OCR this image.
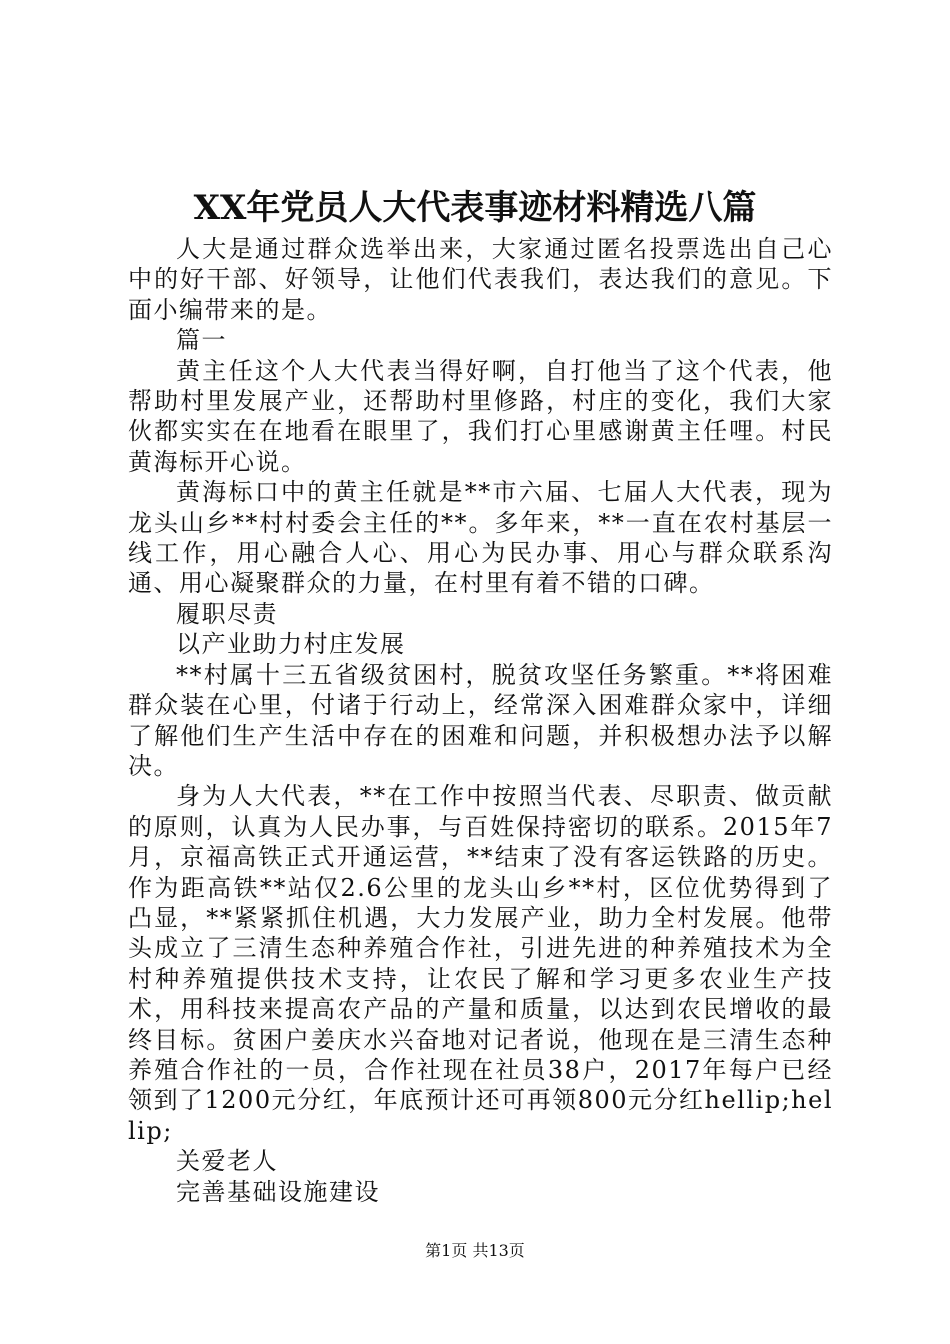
XX年党员人大代表事迹材料精选八篇

人大是通过群众选举出来，大家通过匿名投票选出自己心中的好干部、好领导，让他们代表我们，表达我们的意见。下面小编带来的是。

篇一

黄主任这个人大代表当得好啊，自打他当了这个代表，他帮助村里发展产业，还帮助村里修路，村庄的变化，我们大家伙都实实在在地看在眼里了，我们打心里感谢黄主任哩。村民黄海标开心说。

黄海标口中的黄主任就是**市六届、七届人大代表，现为龙头山乡**村村委会主任的**。多年来，**一直在农村基层一线工作，用心融合人心、用心为民办事、用心与群众联系沟通、用心凝聚群众的力量，在村里有着不错的口碑。

履职尽责

以产业助力村庄发展

**村属十三五省级贫困村，脱贫攻坚任务繁重。**将困难群众装在心里，付诸于行动上，经常深入困难群众家中，详细了解他们生产生活中存在的困难和问题，并积极想办法予以解决。

身为人大代表，**在工作中按照当代表、尽职责、做贡献的原则，认真为人民办事，与百姓保持密切的联系。2015年7月，京福高铁正式开通运营，**结束了没有客运铁路的历史。作为距高铁**站仅2.6公里的龙头山乡**村，区位优势得到了凸显，**紧紧抓住机遇，大力发展产业，助力全村发展。他带头成立了三清生态种养殖合作社，引进先进的种养殖技术为全村种养殖提供技术支持，让农民了解和学习更多农业生产技术，用科技来提高农产品的产量和质量，以达到农民增收的最终目标。贫困户姜庆水兴奋地对记者说，他现在是三清生态种养殖合作社的一员，合作社现在社员38户，2017年每户已经领到了1200元分红，年底预计还可再领800元分红hellip;hellip;

关爱老人

完善基础设施建设

第1页 共13页
